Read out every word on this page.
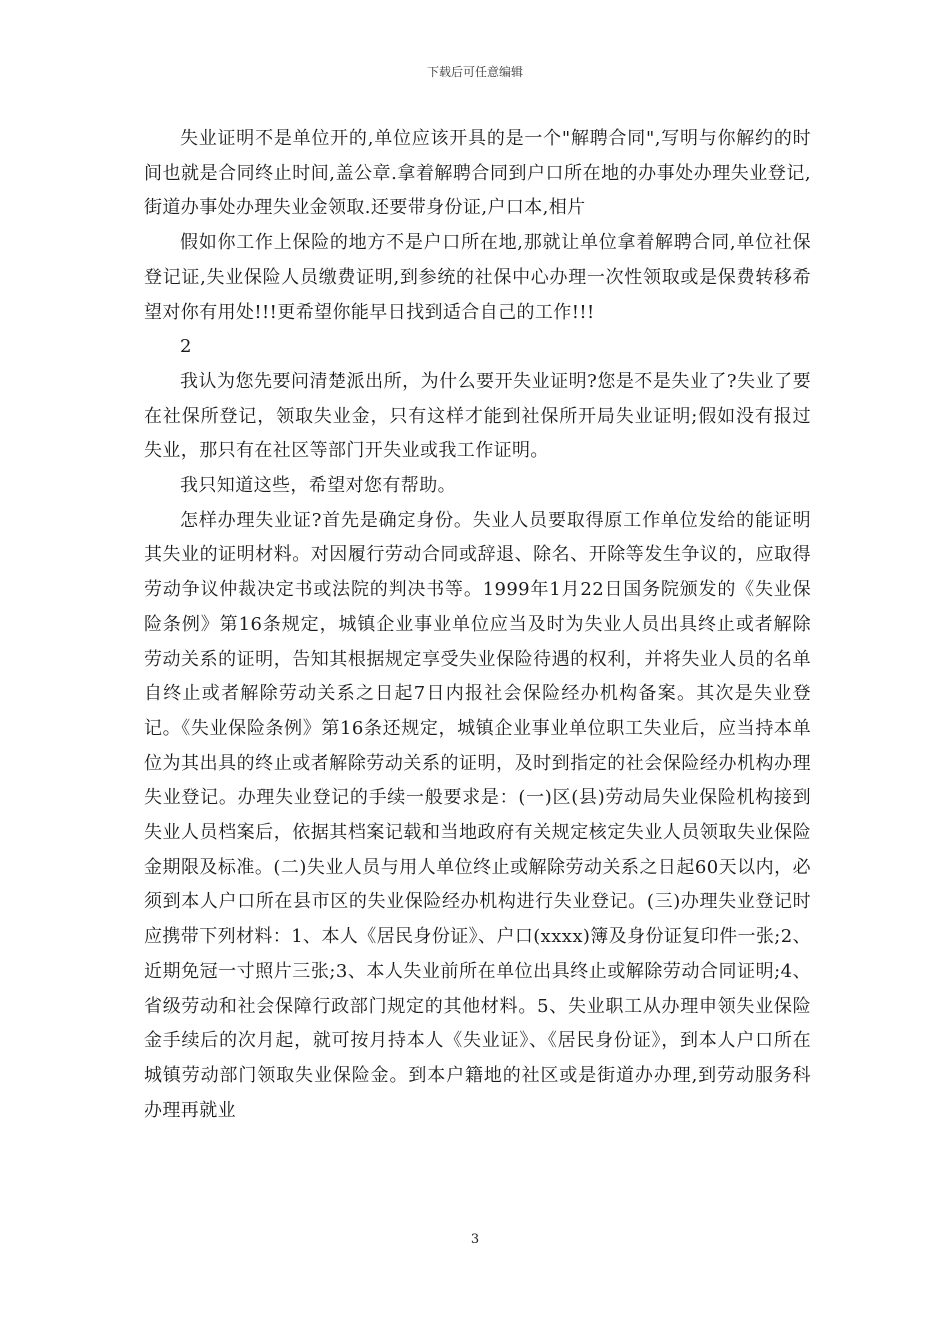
下载后可任意编辑

失业证明不是单位开的,单位应该开具的是一个"解聘合同",写明与你解约的时间也就是合同终止时间,盖公章.拿着解聘合同到户口所在地的办事处办理失业登记,街道办事处办理失业金领取.还要带身份证,户口本,相片

假如你工作上保险的地方不是户口所在地,那就让单位拿着解聘合同,单位社保登记证,失业保险人员缴费证明,到参统的社保中心办理一次性领取或是保费转移希望对你有用处!!!更希望你能早日找到适合自己的工作!!!

2

我认为您先要问清楚派出所，为什么要开失业证明?您是不是失业了?失业了要在社保所登记，领取失业金，只有这样才能到社保所开局失业证明;假如没有报过失业，那只有在社区等部门开失业或我工作证明。

我只知道这些，希望对您有帮助。

怎样办理失业证?首先是确定身份。失业人员要取得原工作单位发给的能证明其失业的证明材料。对因履行劳动合同或辞退、除名、开除等发生争议的，应取得劳动争议仲裁决定书或法院的判决书等。1999年1月22日国务院颁发的《失业保险条例》第16条规定，城镇企业事业单位应当及时为失业人员出具终止或者解除劳动关系的证明，告知其根据规定享受失业保险待遇的权利，并将失业人员的名单自终止或者解除劳动关系之日起7日内报社会保险经办机构备案。其次是失业登记。《失业保险条例》第16条还规定，城镇企业事业单位职工失业后，应当持本单位为其出具的终止或者解除劳动关系的证明，及时到指定的社会保险经办机构办理失业登记。办理失业登记的手续一般要求是：(一)区(县)劳动局失业保险机构接到失业人员档案后，依据其档案记载和当地政府有关规定核定失业人员领取失业保险金期限及标准。(二)失业人员与用人单位终止或解除劳动关系之日起60天以内，必须到本人户口所在县市区的失业保险经办机构进行失业登记。(三)办理失业登记时应携带下列材料：1、本人《居民身份证》、户口(xxxx)簿及身份证复印件一张;2、近期免冠一寸照片三张;3、本人失业前所在单位出具终止或解除劳动合同证明;4、省级劳动和社会保障行政部门规定的其他材料。5、失业职工从办理申领失业保险金手续后的次月起，就可按月持本人《失业证》、《居民身份证》，到本人户口所在城镇劳动部门领取失业保险金。到本户籍地的社区或是街道办办理,到劳动服务科办理再就业

3
